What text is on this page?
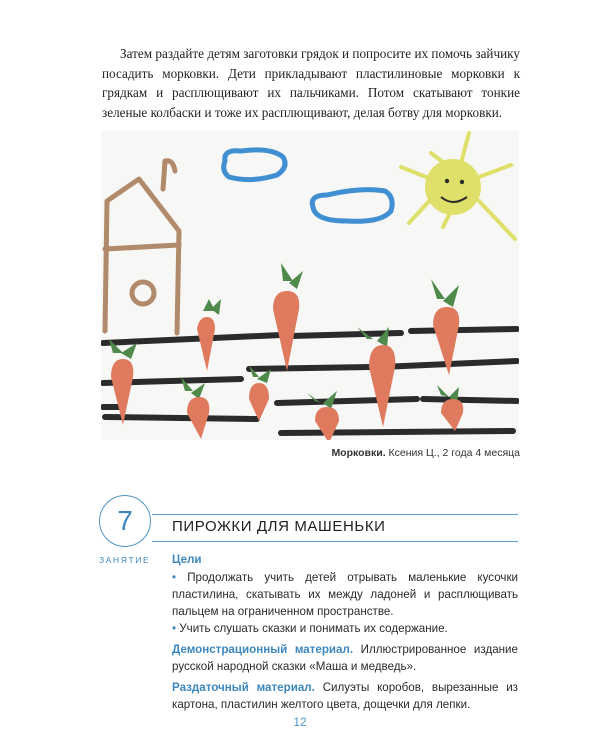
Затем раздайте детям заготовки грядок и попросите их помочь зайчику посадить морковки. Дети прикладывают пластилиновые морковки к грядкам и расплющивают их пальчиками. Потом скатывают тонкие зеленые колбаски и тоже их расплющивают, делая ботву для морковки.

Морковки. Ксения Ц., 2 года 4 месяца
7
ЗАНЯТИЕ
ПИРОЖКИ ДЛЯ МАШЕНЬКИ

Цели

• Продолжать учить детей отрывать маленькие кусочки пластилина, скатывать их между ладоней и расплющивать пальцем на ограниченном пространстве.

• Учить слушать сказки и понимать их содержание.

Демонстрационный материал. Иллюстрированное издание русской народной сказки «Маша и медведь».

Раздаточный материал. Силуэты коробов, вырезанные из картона, пластилин желтого цвета, дощечки для лепки.

12
